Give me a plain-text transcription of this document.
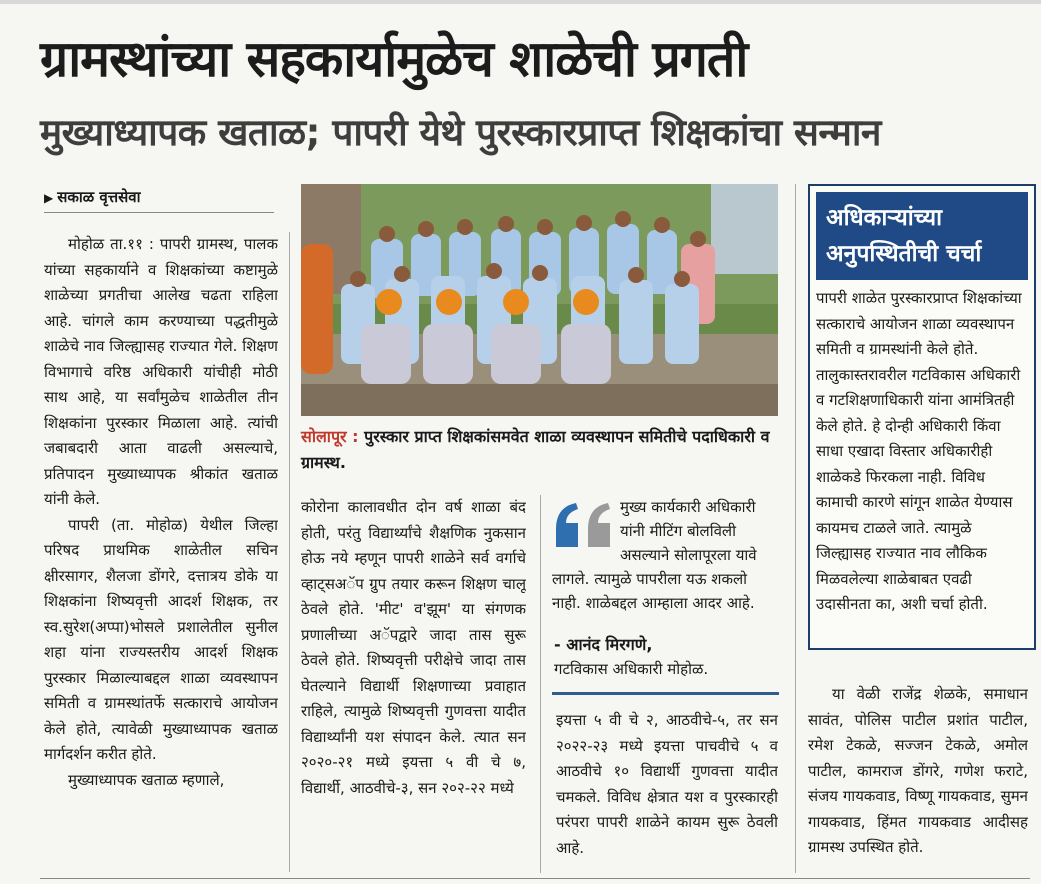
ग्रामस्थांच्या सहकार्यामुळेच शाळेची प्रगती
मुख्याध्यापक खताळ; पापरी येथे पुरस्कारप्राप्त शिक्षकांचा सन्मान
▶ सकाळ वृत्तसेवा

मोहोळ ता.११ : पापरी ग्रामस्थ, पालक यांच्या सहकार्याने व शिक्षकांच्या कष्टामुळे शाळेच्या प्रगतीचा आलेख चढता राहिला आहे. चांगले काम करण्याच्या पद्धतीमुळे शाळेचे नाव जिल्ह्यासह राज्यात गेले. शिक्षण विभागाचे वरिष्ठ अधिकारी यांचीही मोठी साथ आहे, या सर्वांमुळेच शाळेतील तीन शिक्षकांना पुरस्कार मिळाला आहे. त्यांची जबाबदारी आता वाढली असल्याचे, प्रतिपादन मुख्याध्यापक श्रीकांत खताळ यांनी केले.

पापरी (ता. मोहोळ) येथील जिल्हा परिषद प्राथमिक शाळेतील सचिन क्षीरसागर, शैलजा डोंगरे, दत्तात्रय डोके या शिक्षकांना शिष्यवृत्ती आदर्श शिक्षक, तर स्व.सुरेश(अप्पा)भोसले प्रशालेतील सुनील शहा यांना राज्यस्तरीय आदर्श शिक्षक पुरस्कार मिळाल्याबद्दल शाळा व्यवस्थापन समिती व ग्रामस्थांतर्फे सत्काराचे आयोजन केले होते, त्यावेळी मुख्याध्यापक खताळ मार्गदर्शन करीत होते.

मुख्याध्यापक खताळ म्हणाले,

सोलापूर : पुरस्कार प्राप्त शिक्षकांसमवेत शाळा व्यवस्थापन समितीचे पदाधिकारी व ग्रामस्थ.

कोरोना कालावधीत दोन वर्ष शाळा बंद होती, परंतु विद्यार्थ्यांचे शैक्षणिक नुकसान होऊ नये म्हणून पापरी शाळेने सर्व वर्गाचे व्हाट्सअॅप ग्रुप तयार करून शिक्षण चालू ठेवले होते. 'मीट' व'झूम' या संगणक प्रणालीच्या अॅपद्वारे जादा तास सुरू ठेवले होते. शिष्यवृत्ती परीक्षेचे जादा तास घेतल्याने विद्यार्थी शिक्षणाच्या प्रवाहात राहिले, त्यामुळे शिष्यवृत्ती गुणवत्ता यादीत विद्यार्थ्यांनी यश संपादन केले. त्यात सन २०२०-२१ मध्ये इयत्ता ५ वी चे ७, विद्यार्थी, आठवीचे-३, सन २०२-२२ मध्ये

मुख्य कार्यकारी अधिकारी यांनी मीटिंग बोलविली असल्याने सोलापूरला यावे
लागले. त्यामुळे पापरीला यऊ शकलो नाही. शाळेबद्दल आम्हाला आदर आहे.
- आनंद मिरगणे,
गटविकास अधिकारी मोहोळ.

इयत्ता ५ वी चे २, आठवीचे-५, तर सन २०२२-२३ मध्ये इयत्ता पाचवीचे ५ व आठवीचे १० विद्यार्थी गुणवत्ता यादीत चमकले. विविध क्षेत्रात यश व पुरस्कारही परंपरा पापरी शाळेने कायम सुरू ठेवली आहे.

अधिकाऱ्यांच्या अनुपस्थितीची चर्चा
पापरी शाळेत पुरस्कारप्राप्त शिक्षकांच्या सत्काराचे आयोजन शाळा व्यवस्थापन समिती व ग्रामस्थांनी केले होते. तालुकास्तरावरील गटविकास अधिकारी व गटशिक्षणाधिकारी यांना आमंत्रितही केले होते. हे दोन्ही अधिकारी किंवा साधा एखादा विस्तार अधिकारीही शाळेकडे फिरकला नाही. विविध कामाची कारणे सांगून शाळेत येण्यास कायमच टाळले जाते. त्यामुळे जिल्ह्यासह राज्यात नाव लौकिक मिळवलेल्या शाळेबाबत एवढी उदासीनता का, अशी चर्चा होती.

या वेळी राजेंद्र शेळके, समाधान सावंत, पोलिस पाटील प्रशांत पाटील, रमेश टेकळे, सज्जन टेकळे, अमोल पाटील, कामराज डोंगरे, गणेश फराटे, संजय गायकवाड, विष्णू गायकवाड, सुमन गायकवाड, हिंमत गायकवाड आदीसह ग्रामस्थ उपस्थित होते.
